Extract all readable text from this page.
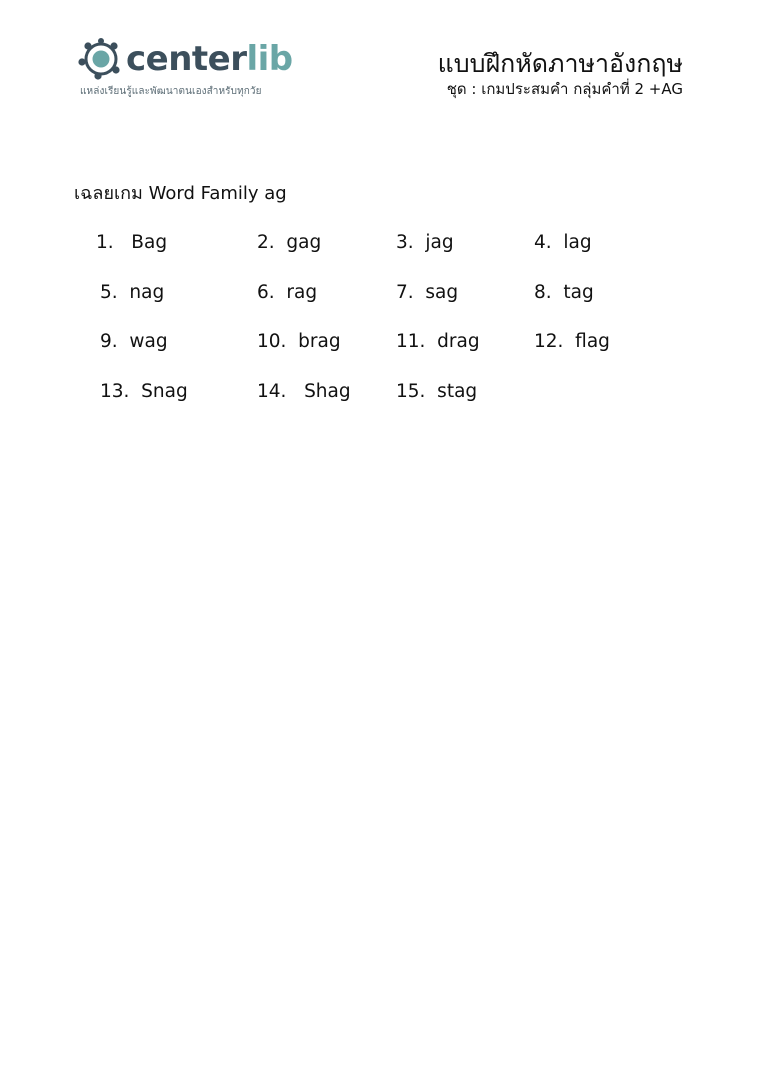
centerlib
แหล่งเรียนรู้และพัฒนาตนเองสำหรับทุกวัย
แบบฝึกหัดภาษาอังกฤษ
ชุด : เกมประสมคำ กลุ่มคำที่ 2 +AG
เฉลยเกม Word Family ag
1.   Bag	2.  gag	3.  jag	4.  lag
5.  nag	6.  rag	7.  sag	8.  tag
9.  wag	10.  brag	11.  drag	12.  flag
13.  Snag	14.   Shag 15.  stag
